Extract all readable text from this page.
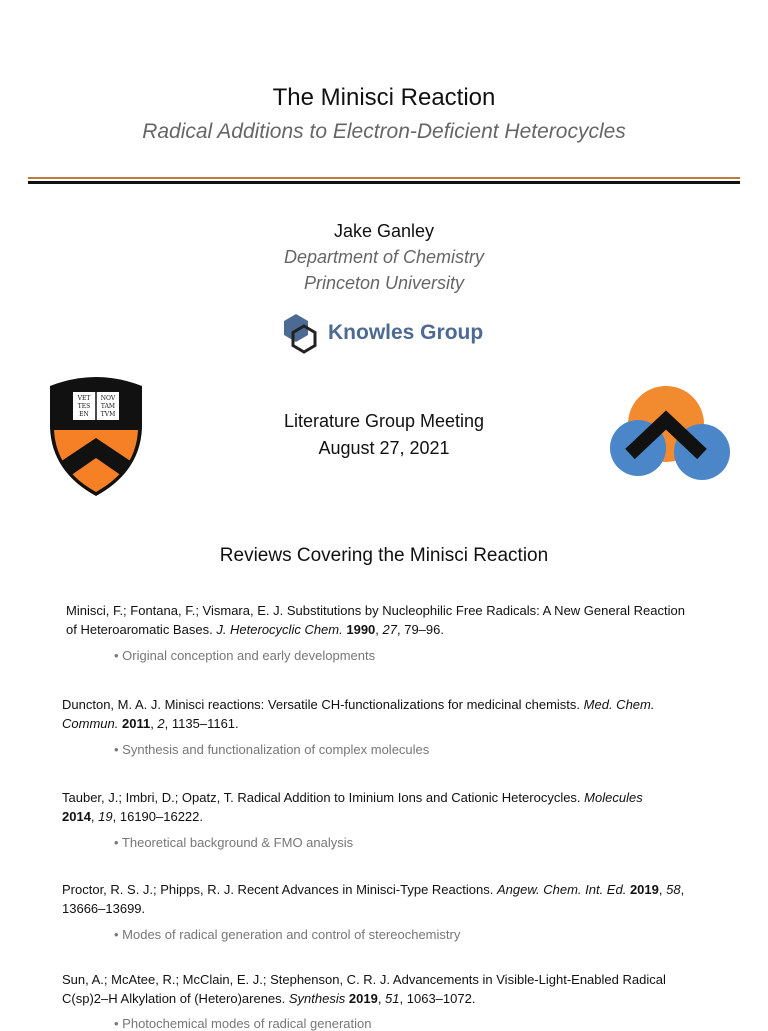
The Minisci Reaction
Radical Additions to Electron-Deficient Heterocycles
Jake Ganley
Department of Chemistry
Princeton University
Knowles Group
VET
TES
EN
NOV
TAM
TVM	Literature Group Meeting
August 27, 2021
Reviews Covering the Minisci Reaction
Minisci, F.; Fontana, F.; Vismara, E. J. Substitutions by Nucleophilic Free Radicals: A New General Reaction
of Heteroaromatic Bases. J. Heterocyclic Chem. 1990, 27, 79–96.
• Original conception and early developments
Duncton, M. A. J. Minisci reactions: Versatile CH-functionalizations for medicinal chemists. Med. Chem.
Commun. 2011, 2, 1135–1161.
• Synthesis and functionalization of complex molecules
Tauber, J.; Imbri, D.; Opatz, T. Radical Addition to Iminium Ions and Cationic Heterocycles. Molecules
2014, 19, 16190–16222.
• Theoretical background & FMO analysis
Proctor, R. S. J.; Phipps, R. J. Recent Advances in Minisci-Type Reactions. Angew. Chem. Int. Ed. 2019, 58,
13666–13699.
• Modes of radical generation and control of stereochemistry
Sun, A.; McAtee, R.; McClain, E. J.; Stephenson, C. R. J. Advancements in Visible-Light-Enabled Radical
C(sp)2–H Alkylation of (Hetero)arenes. Synthesis 2019, 51, 1063–1072.
• Photochemical modes of radical generation
